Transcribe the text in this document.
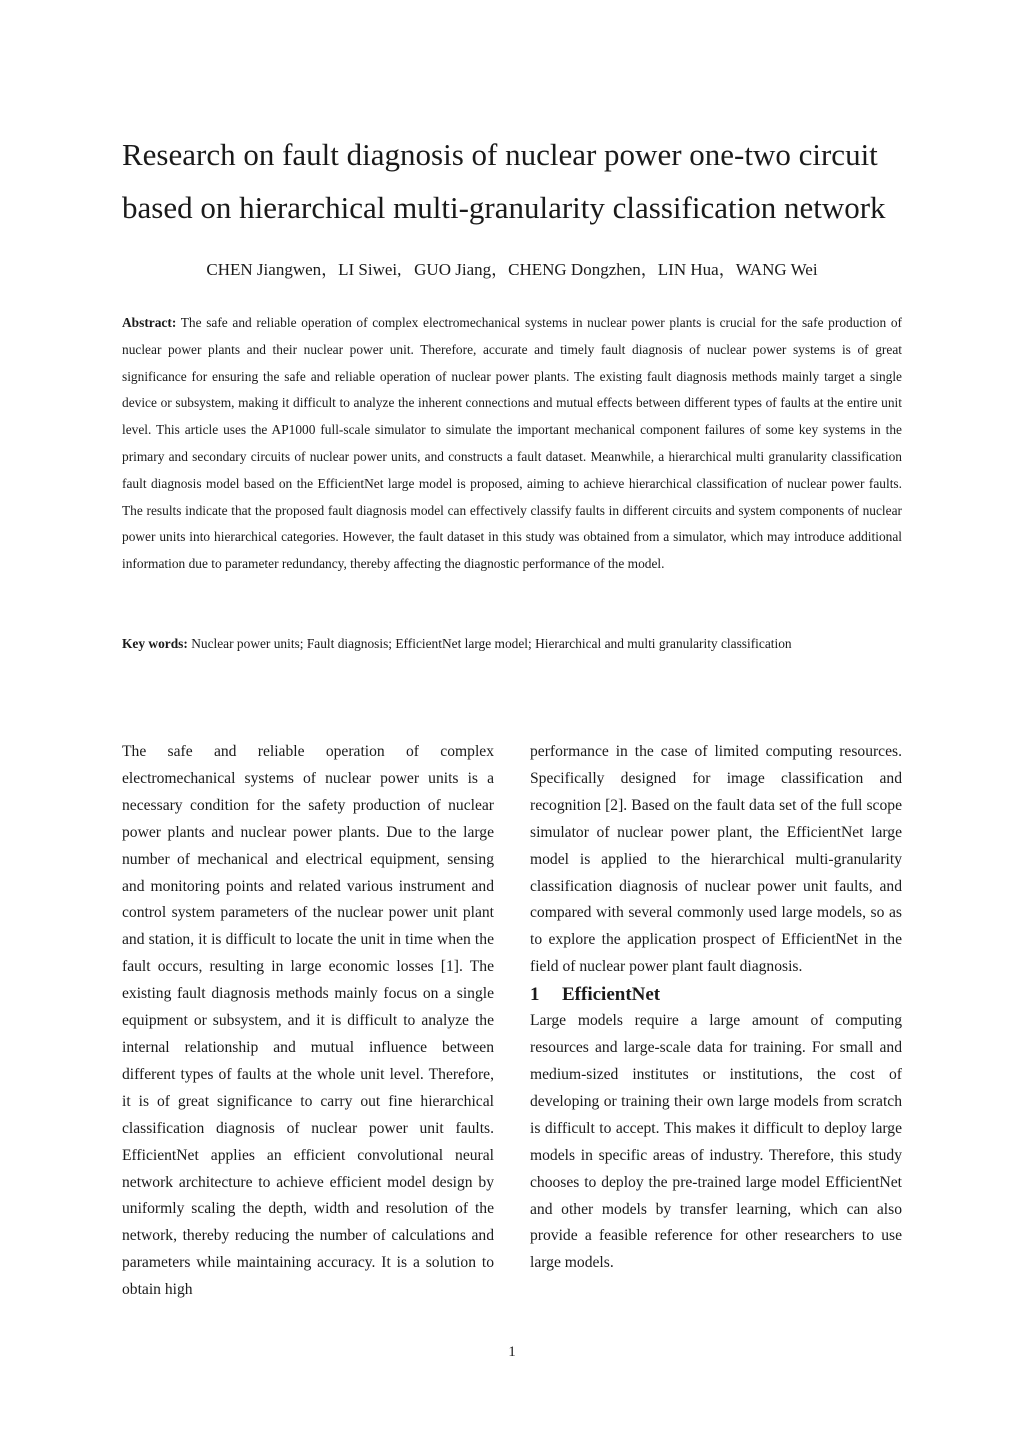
Research on fault diagnosis of nuclear power one-two circuit
based on hierarchical multi-granularity classification network
CHEN Jiangwen，LI Siwei,   GUO Jiang，CHENG Dongzhen，LIN Hua，WANG Wei

Abstract: The safe and reliable operation of complex electromechanical systems in nuclear power plants is crucial for the safe production of nuclear power plants and their nuclear power unit. Therefore, accurate and timely fault diagnosis of nuclear power systems is of great significance for ensuring the safe and reliable operation of nuclear power plants. The existing fault diagnosis methods mainly target a single device or subsystem, making it difficult to analyze the inherent connections and mutual effects between different types of faults at the entire unit level. This article uses the AP1000 full-scale simulator to simulate the important mechanical component failures of some key systems in the primary and secondary circuits of nuclear power units, and constructs a fault dataset. Meanwhile, a hierarchical multi granularity classification fault diagnosis model based on the EfficientNet large model is proposed, aiming to achieve hierarchical classification of nuclear power faults. The results indicate that the proposed fault diagnosis model can effectively classify faults in different circuits and system components of nuclear power units into hierarchical categories. However, the fault dataset in this study was obtained from a simulator, which may introduce additional information due to parameter redundancy, thereby affecting the diagnostic performance of the model.

Key words: Nuclear power units; Fault diagnosis; EfficientNet large model; Hierarchical and multi granularity classification

The safe and reliable operation of complex electromechanical systems of nuclear power units is a necessary condition for the safety production of nuclear power plants and nuclear power plants. Due to the large number of mechanical and electrical equipment, sensing and monitoring points and related various instrument and control system parameters of the nuclear power unit plant and station, it is difficult to locate the unit in time when the fault occurs, resulting in large economic losses [1]. The existing fault diagnosis methods mainly focus on a single equipment or subsystem, and it is difficult to analyze the internal relationship and mutual influence between different types of faults at the whole unit level. Therefore, it is of great significance to carry out fine hierarchical classification diagnosis of nuclear power unit faults. EfficientNet applies an efficient convolutional neural network architecture to achieve efficient model design by uniformly scaling the depth, width and resolution of the network, thereby reducing the number of calculations and parameters while maintaining accuracy. It is a solution to obtain high

performance in the case of limited computing resources. Specifically designed for image classification and recognition [2]. Based on the fault data set of the full scope simulator of nuclear power plant, the EfficientNet large model is applied to the hierarchical multi-granularity classification diagnosis of nuclear power unit faults, and compared with several commonly used large models, so as to explore the application prospect of EfficientNet in the field of nuclear power plant fault diagnosis.

1 EfficientNet

Large models require a large amount of computing resources and large-scale data for training. For small and medium-sized institutes or institutions, the cost of developing or training their own large models from scratch is difficult to accept. This makes it difficult to deploy large models in specific areas of industry. Therefore, this study chooses to deploy the pre-trained large model EfficientNet and other models by transfer learning, which can also provide a feasible reference for other researchers to use large models.

1
